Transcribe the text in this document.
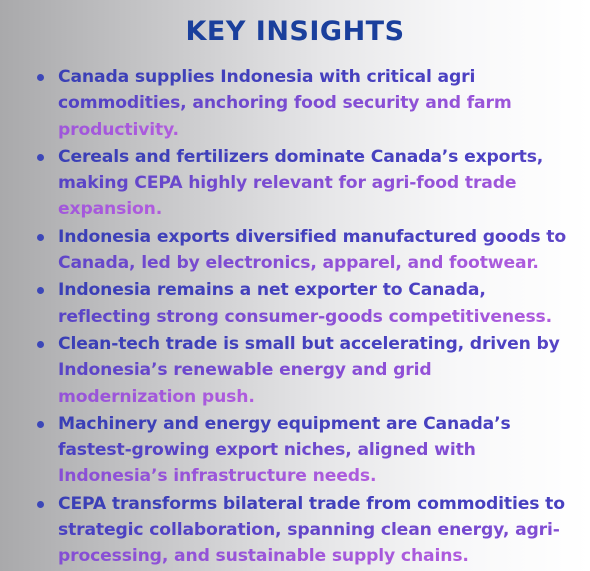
KEY INSIGHTS
Canada supplies Indonesia with critical agri commodities, anchoring food security and farm productivity.
Cereals and fertilizers dominate Canada’s exports, making CEPA highly relevant for agri-food trade expansion.
Indonesia exports diversified manufactured goods to Canada, led by electronics, apparel, and footwear.
Indonesia remains a net exporter to Canada, reflecting strong consumer-goods competitiveness.
Clean-tech trade is small but accelerating, driven by Indonesia’s renewable energy and grid modernization push.
Machinery and energy equipment are Canada’s fastest-growing export niches, aligned with Indonesia’s infrastructure needs.
CEPA transforms bilateral trade from commodities to strategic collaboration, spanning clean energy, agri-processing, and sustainable supply chains.
